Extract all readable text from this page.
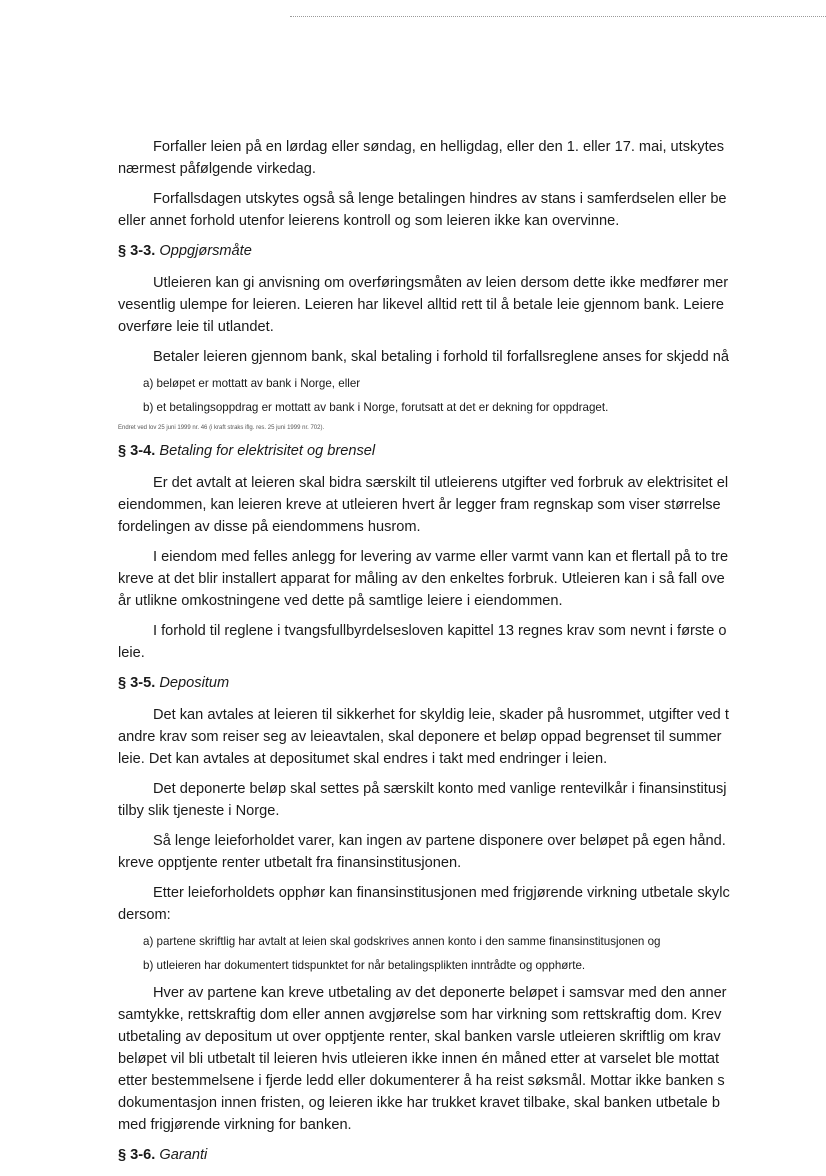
Forfaller leien på en lørdag eller søndag, en helligdag, eller den 1. eller 17. mai, utskytes
nærmest påfølgende virkedag.
Forfallsdagen utskytes også så lenge betalingen hindres av stans i samferdselen eller be
eller annet forhold utenfor leierens kontroll og som leieren ikke kan overvinne.
§ 3-3. Oppgjørsmåte
Utleieren kan gi anvisning om overføringsmåten av leien dersom dette ikke medfører mer
vesentlig ulempe for leieren. Leieren har likevel alltid rett til å betale leie gjennom bank. Leiere
overføre leie til utlandet.
Betaler leieren gjennom bank, skal betaling i forhold til forfallsreglene anses for skjedd nå
a) beløpet er mottatt av bank i Norge, eller
b) et betalingsoppdrag er mottatt av bank i Norge, forutsatt at det er dekning for oppdraget.
Endret ved lov 25 juni 1999 nr. 46 (i kraft straks iflg. res. 25 juni 1999 nr. 702).
§ 3-4. Betaling for elektrisitet og brensel
Er det avtalt at leieren skal bidra særskilt til utleierens utgifter ved forbruk av elektrisitet el
eiendommen, kan leieren kreve at utleieren hvert år legger fram regnskap som viser størrelse
fordelingen av disse på eiendommens husrom.
I eiendom med felles anlegg for levering av varme eller varmt vann kan et flertall på to tre
kreve at det blir installert apparat for måling av den enkeltes forbruk. Utleieren kan i så fall ove
år utlikne omkostningene ved dette på samtlige leiere i eiendommen.
I forhold til reglene i tvangsfullbyrdelsesloven kapittel 13 regnes krav som nevnt i første o
leie.
§ 3-5. Depositum
Det kan avtales at leieren til sikkerhet for skyldig leie, skader på husrommet, utgifter ved t
andre krav som reiser seg av leieavtalen, skal deponere et beløp oppad begrenset til summer
leie. Det kan avtales at depositumet skal endres i takt med endringer i leien.
Det deponerte beløp skal settes på særskilt konto med vanlige rentevilkår i finansinstitusj
tilby slik tjeneste i Norge.
Så lenge leieforholdet varer, kan ingen av partene disponere over beløpet på egen hånd.
kreve opptjente renter utbetalt fra finansinstitusjonen.
Etter leieforholdets opphør kan finansinstitusjonen med frigjørende virkning utbetale skylc
dersom:
a) partene skriftlig har avtalt at leien skal godskrives annen konto i den samme finansinstitusjonen og
b) utleieren har dokumentert tidspunktet for når betalingsplikten inntrådte og opphørte.
Hver av partene kan kreve utbetaling av det deponerte beløpet i samsvar med den anner
samtykke, rettskraftig dom eller annen avgjørelse som har virkning som rettskraftig dom. Krev
utbetaling av depositum ut over opptjente renter, skal banken varsle utleieren skriftlig om krav
beløpet vil bli utbetalt til leieren hvis utleieren ikke innen én måned etter at varselet ble mottat
etter bestemmelsene i fjerde ledd eller dokumenterer å ha reist søksmål. Mottar ikke banken s
dokumentasjon innen fristen, og leieren ikke har trukket kravet tilbake, skal banken utbetale b
med frigjørende virkning for banken.
§ 3-6. Garanti
